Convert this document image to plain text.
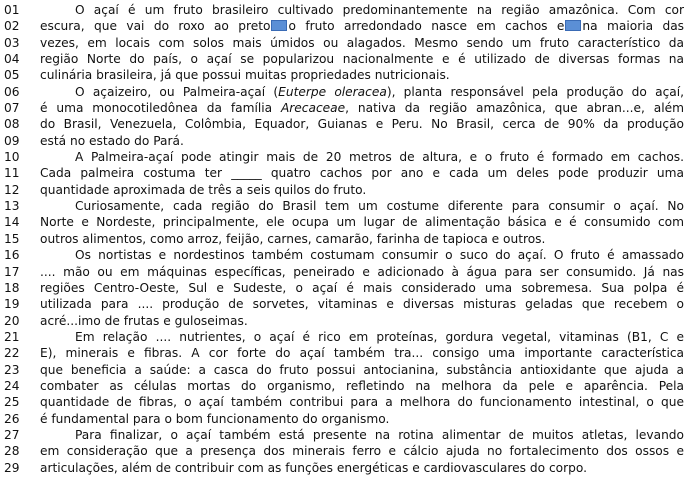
01	O açaí é um fruto brasileiro cultivado predominantemente na região amazônica. Com cor
02	escura, que vai do roxo ao preto o fruto arredondado nasce em cachos e na maioria das
03	vezes, em locais com solos mais úmidos ou alagados. Mesmo sendo um fruto característico da
04	região Norte do país, o açaí se popularizou nacionalmente e é utilizado de diversas formas na
05	culinária brasileira, já que possui muitas propriedades nutricionais.
06	O açaizeiro, ou Palmeira-açaí (Euterpe oleracea), planta responsável pela produção do açaí,
07	é uma monocotiledônea da família Arecaceae, nativa da região amazônica, que abran...e, além
08	do Brasil, Venezuela, Colômbia, Equador, Guianas e Peru. No Brasil, cerca de 90% da produção
09	está no estado do Pará.
10	A Palmeira-açaí pode atingir mais de 20 metros de altura, e o fruto é formado em cachos.
11	Cada palmeira costuma ter _____ quatro cachos por ano e cada um deles pode produzir uma
12	quantidade aproximada de três a seis quilos do fruto.
13	Curiosamente, cada região do Brasil tem um costume diferente para consumir o açaí. No
14	Norte e Nordeste, principalmente, ele ocupa um lugar de alimentação básica e é consumido com
15	outros alimentos, como arroz, feijão, carnes, camarão, farinha de tapioca e outros.
16	Os nortistas e nordestinos também costumam consumir o suco do açaí. O fruto é amassado
17	.... mão ou em máquinas específicas, peneirado e adicionado à água para ser consumido. Já nas
18	regiões Centro-Oeste, Sul e Sudeste, o açaí é mais considerado uma sobremesa. Sua polpa é
19	utilizada para .... produção de sorvetes, vitaminas e diversas misturas geladas que recebem o
20	acré...imo de frutas e guloseimas.
21	Em relação .... nutrientes, o açaí é rico em proteínas, gordura vegetal, vitaminas (B1, C e
22	E), minerais e fibras. A cor forte do açaí também tra... consigo uma importante característica
23	que beneficia a saúde: a casca do fruto possui antocianina, substância antioxidante que ajuda a
24	combater as células mortas do organismo, refletindo na melhora da pele e aparência. Pela
25	quantidade de fibras, o açaí também contribui para a melhora do funcionamento intestinal, o que
26	é fundamental para o bom funcionamento do organismo.
27	Para finalizar, o açaí também está presente na rotina alimentar de muitos atletas, levando
28	em consideração que a presença dos minerais ferro e cálcio ajuda no fortalecimento dos ossos e
29	articulações, além de contribuir com as funções energéticas e cardiovasculares do corpo.
